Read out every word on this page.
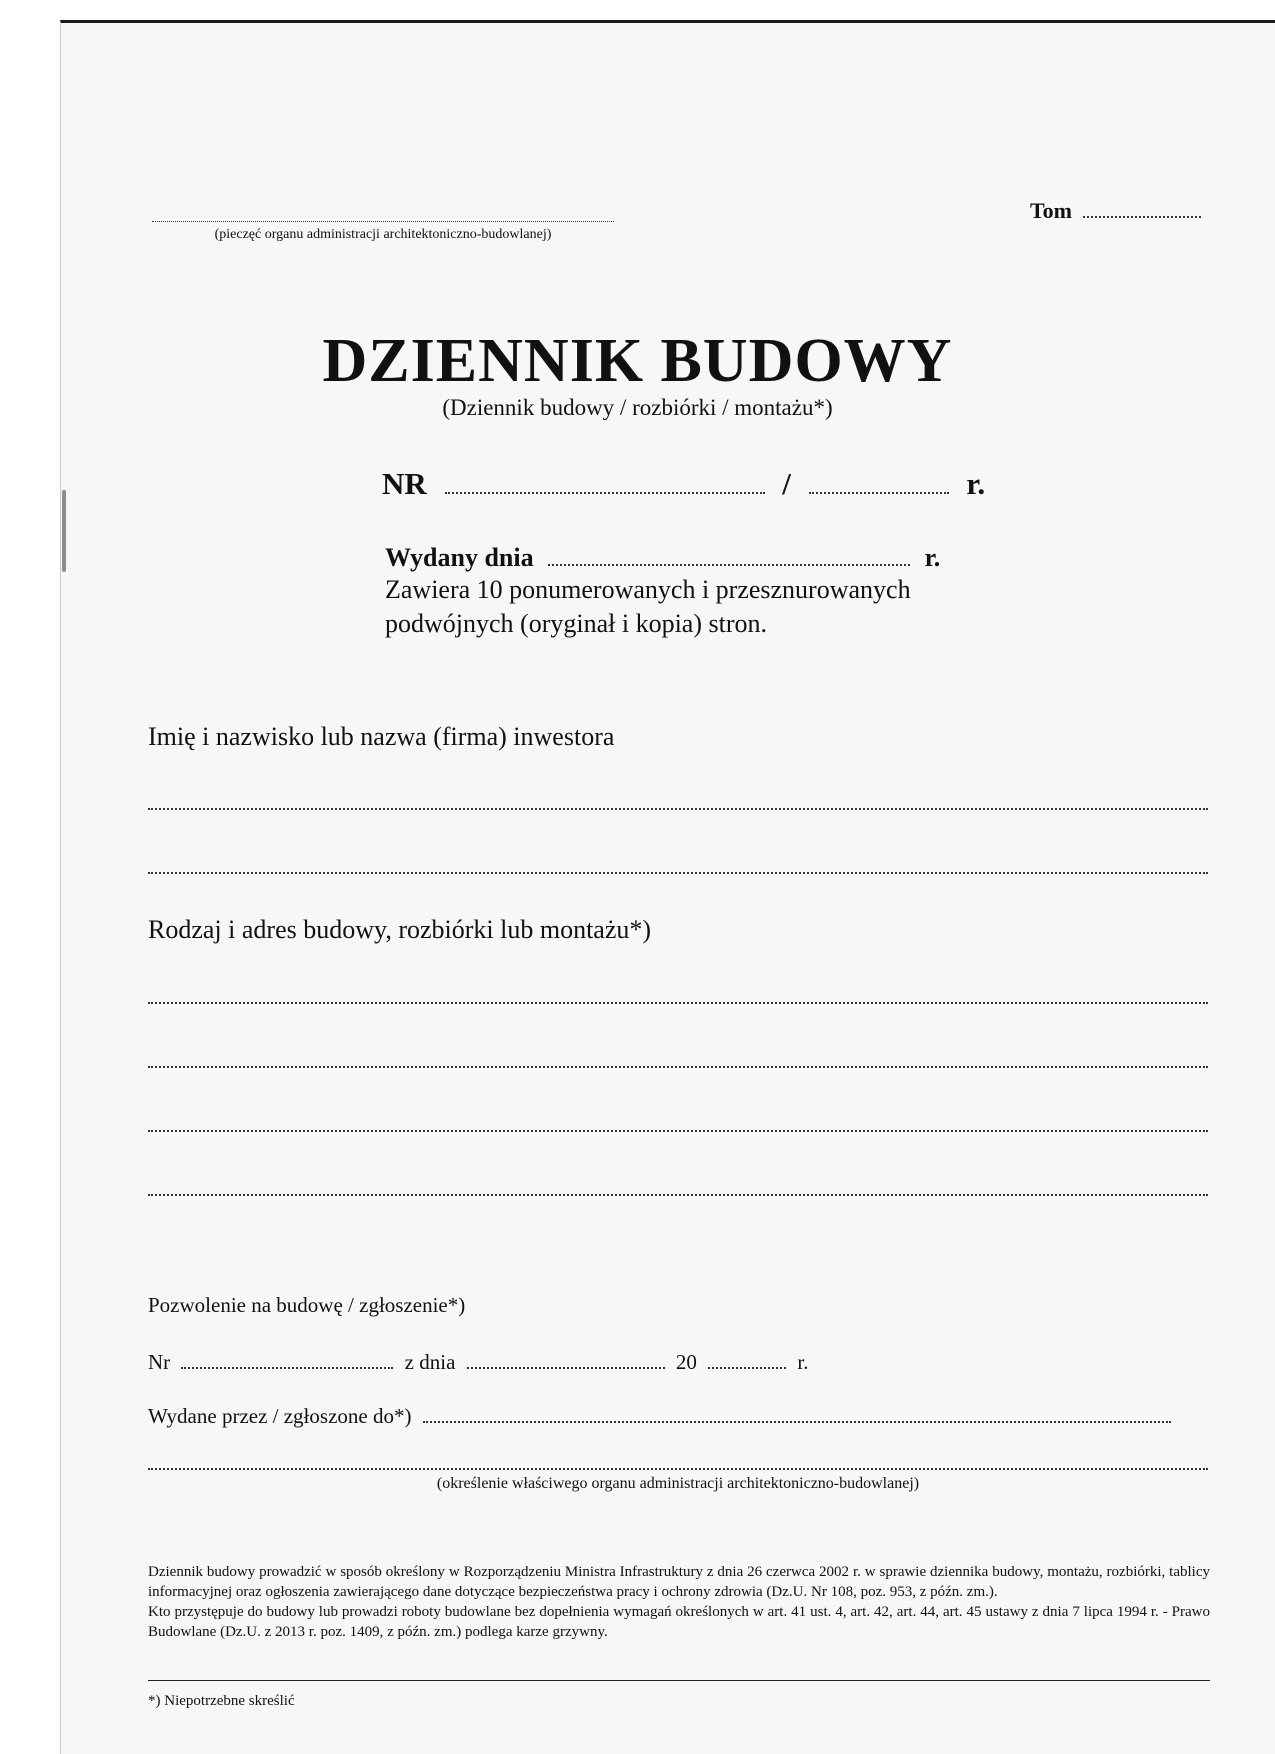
(pieczęć organu administracji architektoniczno-budowlanej)
Tom
DZIENNIK BUDOWY
(Dziennik budowy / rozbiórki / montażu*)
NR	/	r.
Wydany dnia	r.
Zawiera 10 ponumerowanych i przesznurowanych
podwójnych (oryginał i kopia) stron.
Imię i nazwisko lub nazwa (firma) inwestora
Rodzaj i adres budowy, rozbiórki lub montażu*)
Pozwolenie na budowę / zgłoszenie*)
Nr	z dnia	20	r.
Wydane przez / zgłoszone do*)
(określenie właściwego organu administracji architektoniczno-budowlanej)

Dziennik budowy prowadzić w sposób określony w Rozporządzeniu Ministra Infrastruktury z dnia 26 czerwca 2002 r. w sprawie dziennika budowy, montażu, rozbiórki, tablicy informacyjnej oraz ogłoszenia zawierającego dane dotyczące bezpieczeństwa pracy i ochrony zdrowia (Dz.U. Nr 108, poz. 953, z późn. zm.).

Kto przystępuje do budowy lub prowadzi roboty budowlane bez dopełnienia wymagań określonych w art. 41 ust. 4, art. 42, art. 44, art. 45 ustawy z dnia 7 lipca 1994 r. - Prawo Budowlane (Dz.U. z 2013 r. poz. 1409, z późn. zm.) podlega karze grzywny.

*) Niepotrzebne skreślić
